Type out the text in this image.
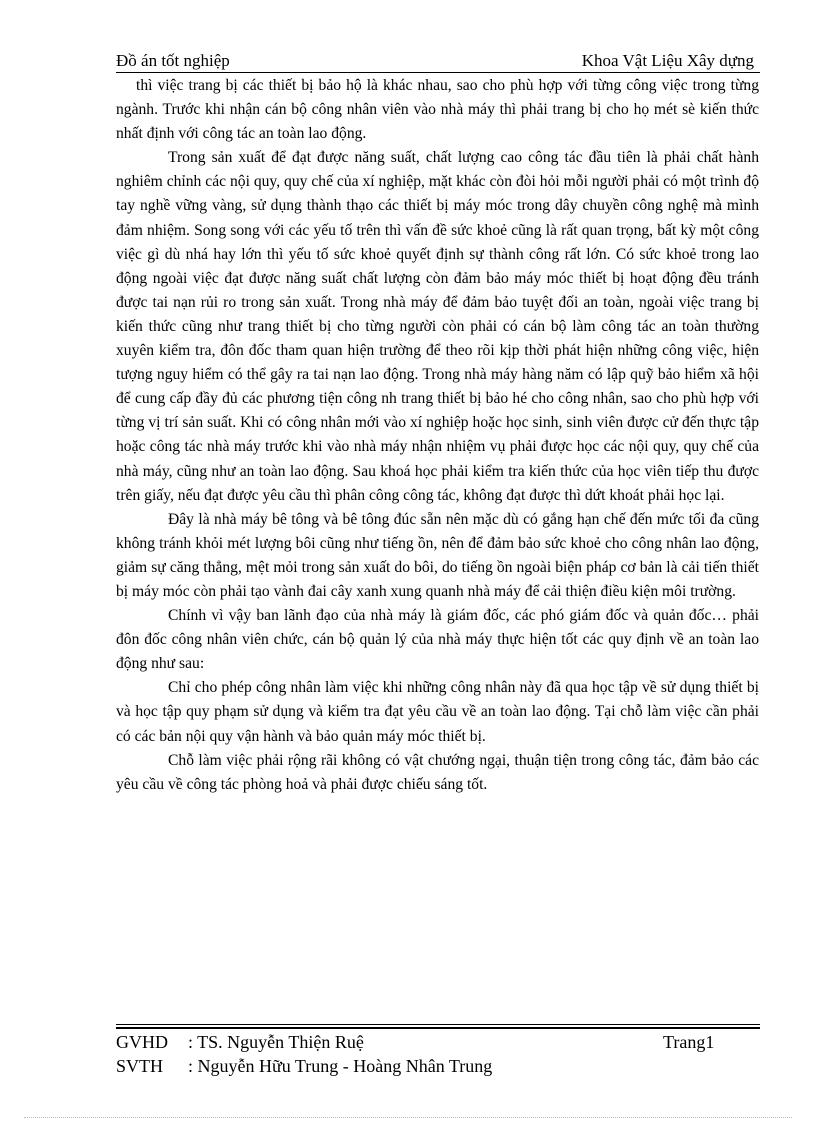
Đồ án tốt nghiệp	Khoa Vật Liệu Xây dựng

thì việc trang bị các thiết bị bảo hộ là khác nhau, sao cho phù hợp với từng công việc trong từng ngành. Trước khi nhận cán bộ công nhân viên vào nhà máy thì phải trang bị cho họ mét sè kiến thức nhất định với công tác an toàn lao động.

Trong sản xuất để đạt được năng suất, chất lượng cao công tác đầu tiên là phải chất hành nghiêm chỉnh các nội quy, quy chế của xí nghiệp, mặt khác còn đòi hỏi mỗi người phải có một trình độ tay nghề vững vàng, sử dụng thành thạo các thiết bị máy móc trong dây chuyền công nghệ mà mình đảm nhiệm. Song song với các yếu tố trên thì vấn đề sức khoẻ cũng là rất quan trọng, bất kỳ một công việc gì dù nhá hay lớn thì yếu tố sức khoẻ quyết định sự thành công rất lớn. Có sức khoẻ trong lao động ngoài việc đạt được năng suất chất lượng còn đảm bảo máy móc thiết bị hoạt động đều tránh được tai nạn rủi ro trong sản xuất. Trong nhà máy để đảm bảo tuyệt đối an toàn, ngoài việc trang bị kiến thức cũng như trang thiết bị cho từng người còn phải có cán bộ làm công tác an toàn thường xuyên kiểm tra, đôn đốc tham quan hiện trường để theo rõi kịp thời phát hiện những công việc, hiện tượng nguy hiểm có thể gây ra tai nạn lao động. Trong nhà máy hàng năm có lập quỹ bảo hiểm xã hội để cung cấp đầy đủ các phương tiện công nh trang thiết bị bảo hé cho công nhân, sao cho phù hợp với từng vị trí sản suất. Khi có công nhân mới vào xí nghiệp hoặc học sinh, sinh viên được cử đến thực tập hoặc công tác nhà máy trước khi vào nhà máy nhận nhiệm vụ phải được học các nội quy, quy chế của nhà máy, cũng như an toàn lao động. Sau khoá học phải kiểm tra kiến thức của học viên tiếp thu được trên giấy, nếu đạt được yêu cầu thì phân công công tác, không đạt được thì dứt khoát phải học lại.

Đây là nhà máy bê tông và bê tông đúc sẵn nên mặc dù có gắng hạn chế đến mức tối đa cũng không tránh khỏi mét lượng bôi cũng như tiếng ồn, nên để đảm bảo sức khoẻ cho công nhân lao động, giảm sự căng thẳng, mệt mỏi trong sản xuất do bôi, do tiếng ồn ngoài biện pháp cơ bản là cải tiến thiết bị máy móc còn phải tạo vành đai cây xanh xung quanh nhà máy để cải thiện điều kiện môi trường.

Chính vì vậy ban lãnh đạo của nhà máy là giám đốc, các phó giám đốc và quản đốc… phải đôn đốc công nhân viên chức, cán bộ quản lý của nhà máy thực hiện tốt các quy định về an toàn lao động như sau:

Chỉ cho phép công nhân làm việc khi những công nhân này đã qua học tập về sử dụng thiết bị và học tập quy phạm sử dụng và kiểm tra đạt yêu cầu về an toàn lao động. Tại chỗ làm việc cần phải có các bản nội quy vận hành và bảo quản máy móc thiết bị.

Chỗ làm việc phải rộng rãi không có vật chướng ngại, thuận tiện trong công tác, đảm bảo các yêu cầu về công tác phòng hoả và phải được chiếu sáng tốt.

GVHD : TS. Nguyễn Thiện Ruệ	Trang1
SVTH : Nguyễn Hữu Trung - Hoàng Nhân Trung
